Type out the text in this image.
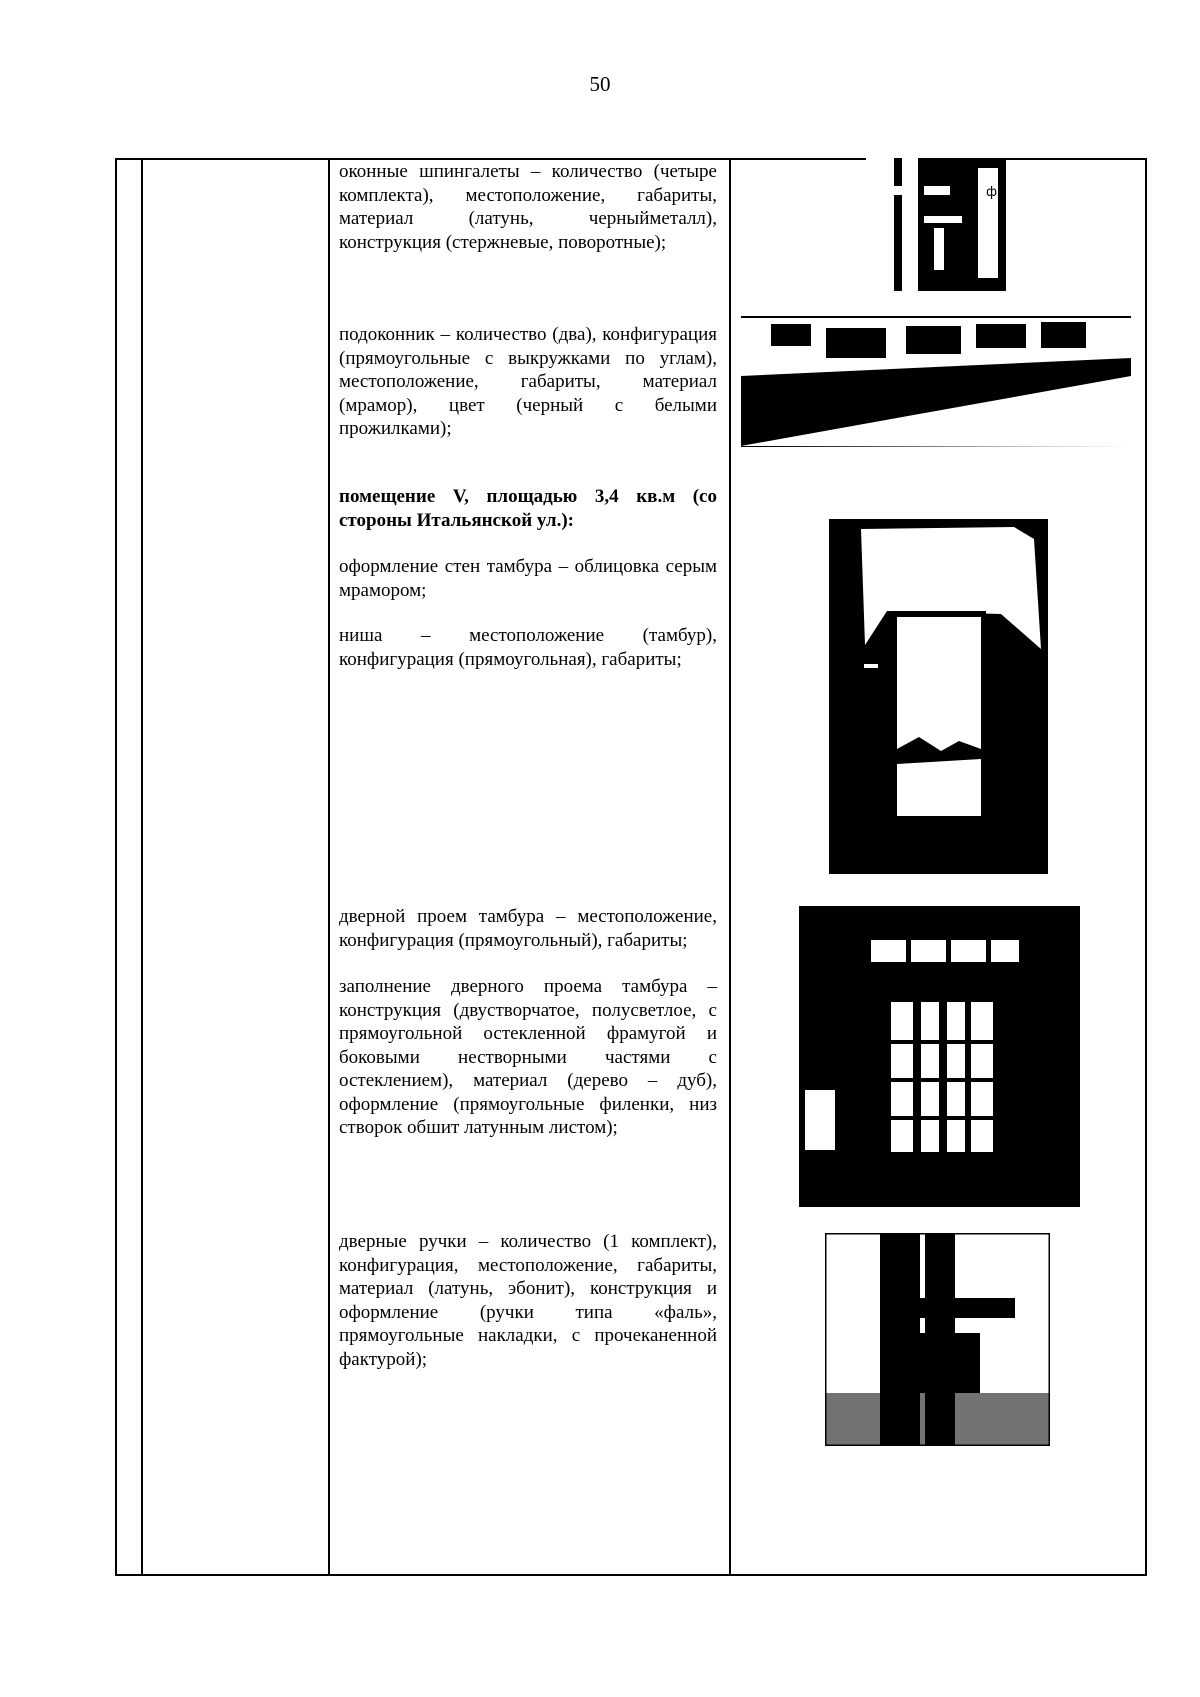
50
оконные шпингалеты – количество (четыре комплекта), местоположение, габариты, материал (латунь, черныйметалл), конструкция (стержневые, поворотные);
подоконник – количество (два), конфигурация (прямоугольные с выкружками по углам), местоположение, габариты, материал (мрамор), цвет (черный с белыми прожилками);
помещение V, площадью 3,4 кв.м (со стороны Итальянской ул.):
оформление стен тамбура – облицовка серым мрамором;
ниша – местоположение (тамбур), конфигурация (прямоугольная), габариты;
дверной проем тамбура – местоположение, конфигурация (прямоугольный), габариты;
заполнение дверного проема тамбура – конструкция (двустворчатое, полусветлое, с прямоугольной остекленной фрамугой и боковыми нестворными частями с остеклением), материал (дерево – дуб), оформление (прямоугольные филенки, низ створок обшит латунным листом);
дверные ручки – количество (1 комплект), конфигурация, местоположение, габариты, материал (латунь, эбонит), конструкция и оформление (ручки типа «фаль», прямоугольные накладки, с прочеканенной фактурой);
фа
